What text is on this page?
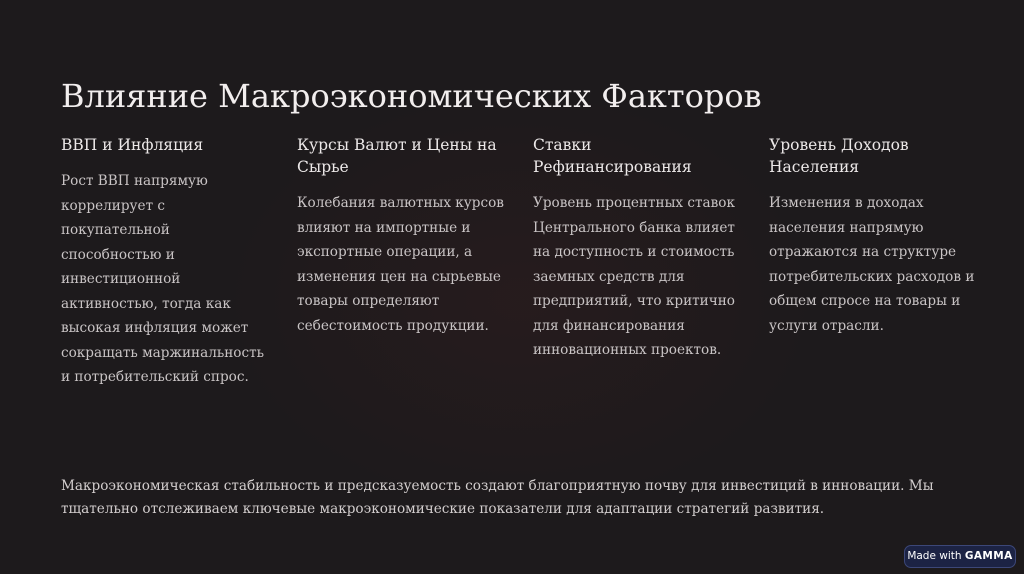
Влияние Макроэкономических Факторов
ВВП и Инфляция

Рост ВВП напрямую коррелирует с покупательной способностью и инвестиционной активностью, тогда как высокая инфляция может сокращать маржинальность и потребительский спрос.

Курсы Валют и Цены на Сырье

Колебания валютных курсов влияют на импортные и экспортные операции, а изменения цен на сырьевые товары определяют себестоимость продукции.

Ставки Рефинансирования

Уровень процентных ставок Центрального банка влияет на доступность и стоимость заемных средств для предприятий, что критично для финансирования инновационных проектов.

Уровень Доходов Населения

Изменения в доходах населения напрямую отражаются на структуре потребительских расходов и общем спросе на товары и услуги отрасли.

Макроэкономическая стабильность и предсказуемость создают благоприятную почву для инвестиций в инновации. Мы тщательно отслеживаем ключевые макроэкономические показатели для адаптации стратегий развития.

Made with GAMMA
